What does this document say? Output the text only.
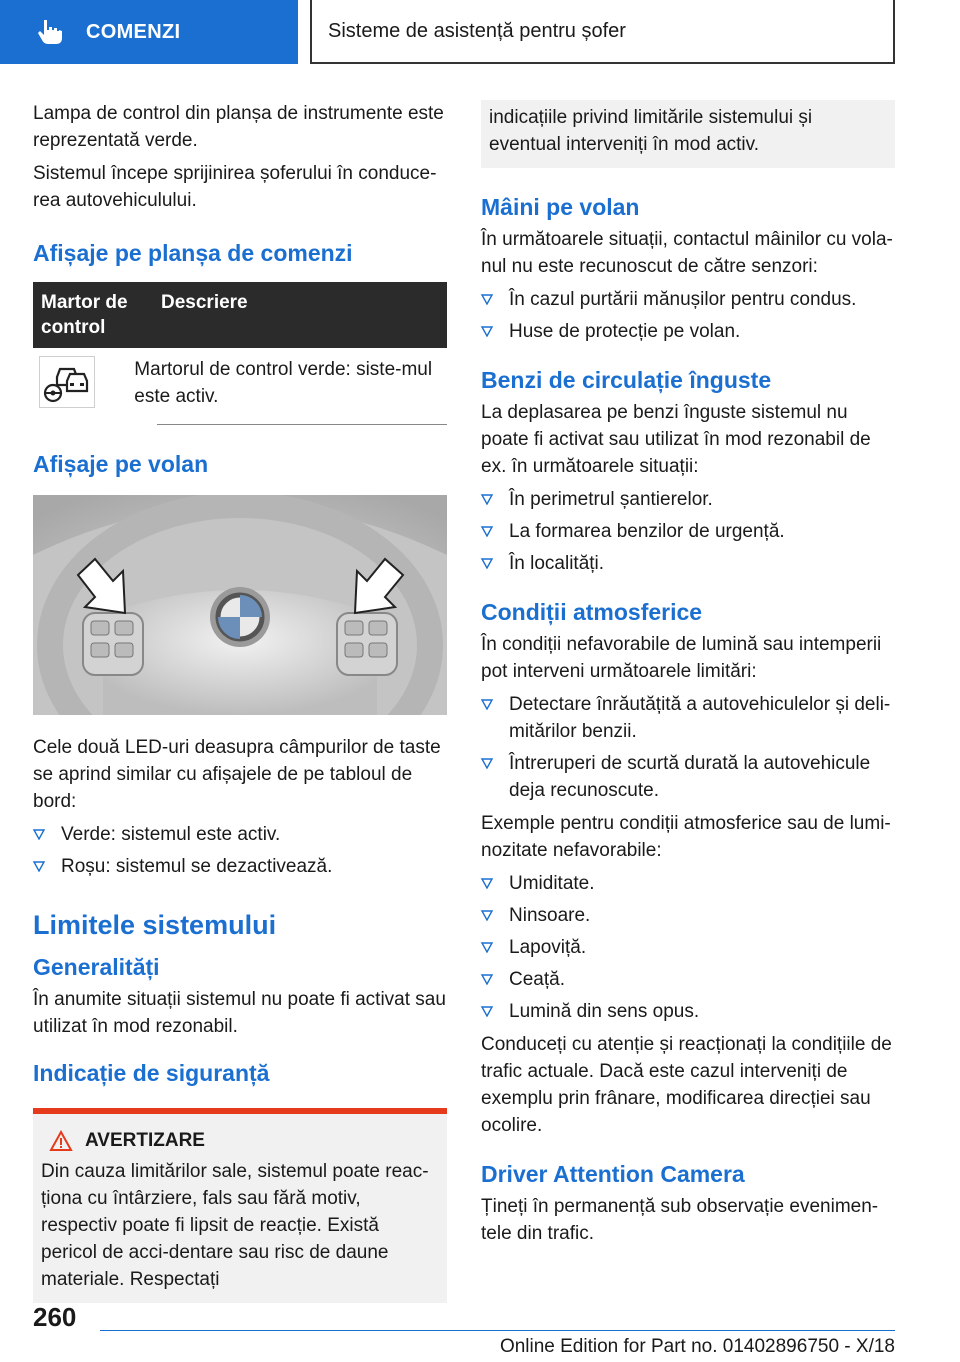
COMENZI	Sisteme de asistență pentru șofer

Lampa de control din planșa de instrumente este reprezentată verde.

Sistemul începe sprijinirea șoferului în conduce-rea autovehiculului.

Afișaje pe planșa de comenzi
Martor de control
Descriere
Martorul de control verde: siste-mul este activ.
Afișaje pe volan

Cele două LED-uri deasupra câmpurilor de taste se aprind similar cu afișajele de pe tabloul de bord:

Verde: sistemul este activ.
Roșu: sistemul se dezactivează.
Limitele sistemului
Generalități

În anumite situații sistemul nu poate fi activat sau utilizat în mod rezonabil.

Indicație de siguranță
AVERTIZARE

Din cauza limitărilor sale, sistemul poate reac-ționa cu întârziere, fals sau fără motiv, respectiv poate fi lipsit de reacție. Există pericol de acci-dentare sau risc de daune materiale. Respectați

indicațiile privind limitările sistemului și eventual interveniți în mod activ.

Mâini pe volan

În următoarele situații, contactul mâinilor cu vola-nul nu este recunoscut de către senzori:

În cazul purtării mănușilor pentru condus.
Huse de protecție pe volan.
Benzi de circulație înguste

La deplasarea pe benzi înguste sistemul nu poate fi activat sau utilizat în mod rezonabil de ex. în următoarele situații:

În perimetrul șantierelor.
La formarea benzilor de urgență.
În localități.
Condiții atmosferice

În condiții nefavorabile de lumină sau intemperii pot interveni următoarele limitări:

Detectare înrăutățită a autovehiculelor și deli-mitărilor benzii.
Întreruperi de scurtă durată la autovehicule deja recunoscute.

Exemple pentru condiții atmosferice sau de lumi-nozitate nefavorabile:

Umiditate.
Ninsoare.
Lapoviță.
Ceață.
Lumină din sens opus.

Conduceți cu atenție și reacționați la condițiile de trafic actuale. Dacă este cazul interveniți de exemplu prin frânare, modificarea direcției sau ocolire.

Driver Attention Camera

Țineți în permanență sub observație evenimen-tele din trafic.

260
Online Edition for Part no. 01402896750 - X/18
